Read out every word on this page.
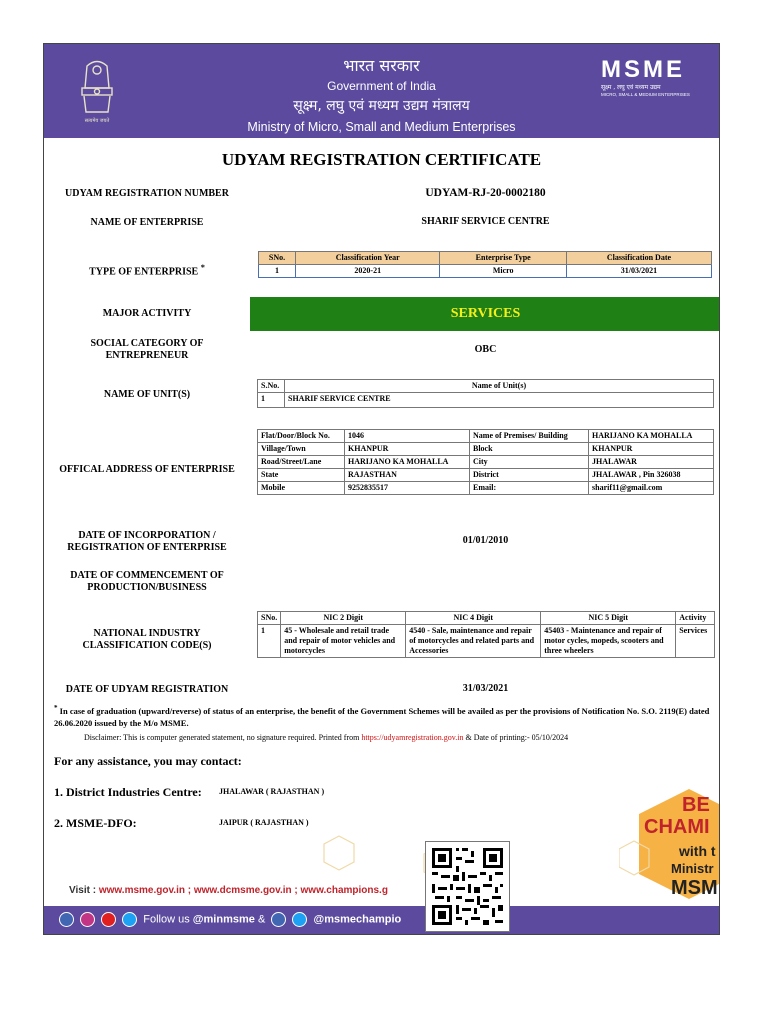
सत्यमेव जयते
भारत सरकार
Government of India
सूक्ष्म, लघु एवं मध्यम उद्यम मंत्रालय
Ministry of Micro, Small and Medium Enterprises
MSME
सूक्ष्म , लघु एवं मध्यम उद्यम
MICRO, SMALL & MEDIUM ENTERPRISES
UDYAM REGISTRATION CERTIFICATE
UDYAM REGISTRATION NUMBER	UDYAM-RJ-20-0002180
NAME OF ENTERPRISE	SHARIF SERVICE CENTRE
TYPE OF ENTERPRISE *
SNo.	Classification Year	Enterprise Type	Classification Date
1	2020-21	Micro	31/03/2021
MAJOR ACTIVITY	SERVICES
SOCIAL CATEGORY OF
ENTREPRENEUR
OBC
NAME OF UNIT(S)
S.No.	Name of Unit(s)
1	SHARIF SERVICE CENTRE
OFFICAL ADDRESS OF ENTERPRISE
Flat/Door/Block No.	1046	Name of Premises/ Building	HARIJANO KA MOHALLA
Village/Town	KHANPUR	Block	KHANPUR
Road/Street/Lane	HARIJANO KA MOHALLA	City	JHALAWAR
State	RAJASTHAN	District	JHALAWAR , Pin 326038
Mobile	9252835517	Email:	sharif11@gmail.com
DATE OF INCORPORATION /
REGISTRATION OF ENTERPRISE
01/01/2010
DATE OF COMMENCEMENT OF
PRODUCTION/BUSINESS
NATIONAL INDUSTRY
CLASSIFICATION CODE(S)
SNo.	NIC 2 Digit	NIC 4 Digit	NIC 5 Digit	Activity
1	45 - Wholesale and retail trade and repair of motor vehicles and motorcycles	4540 - Sale, maintenance and repair of motorcycles and related parts and Accessories	45403 - Maintenance and repair of motor cycles, mopeds, scooters and three wheelers	Services
DATE OF UDYAM REGISTRATION	31/03/2021
* In case of graduation (upward/reverse) of status of an enterprise, the benefit of the Government Schemes will be availed as per the provisions of Notification No. S.O. 2119(E) dated 26.06.2020 issued by the M/o MSME.
Disclaimer: This is computer generated statement, no signature required. Printed from https://udyamregistration.gov.in & Date of printing:- 05/10/2024
For any assistance, you may contact:
1. District Industries Centre: JHALAWAR ( RAJASTHAN )
2. MSME-DFO:	JAIPUR ( RAJASTHAN )
BE
CHAMI
with t
Ministr
MSM
Visit : www.msme.gov.in ; www.dcmsme.gov.in ; www.champions.g
Follow us @minmsme &	@msmechampio
